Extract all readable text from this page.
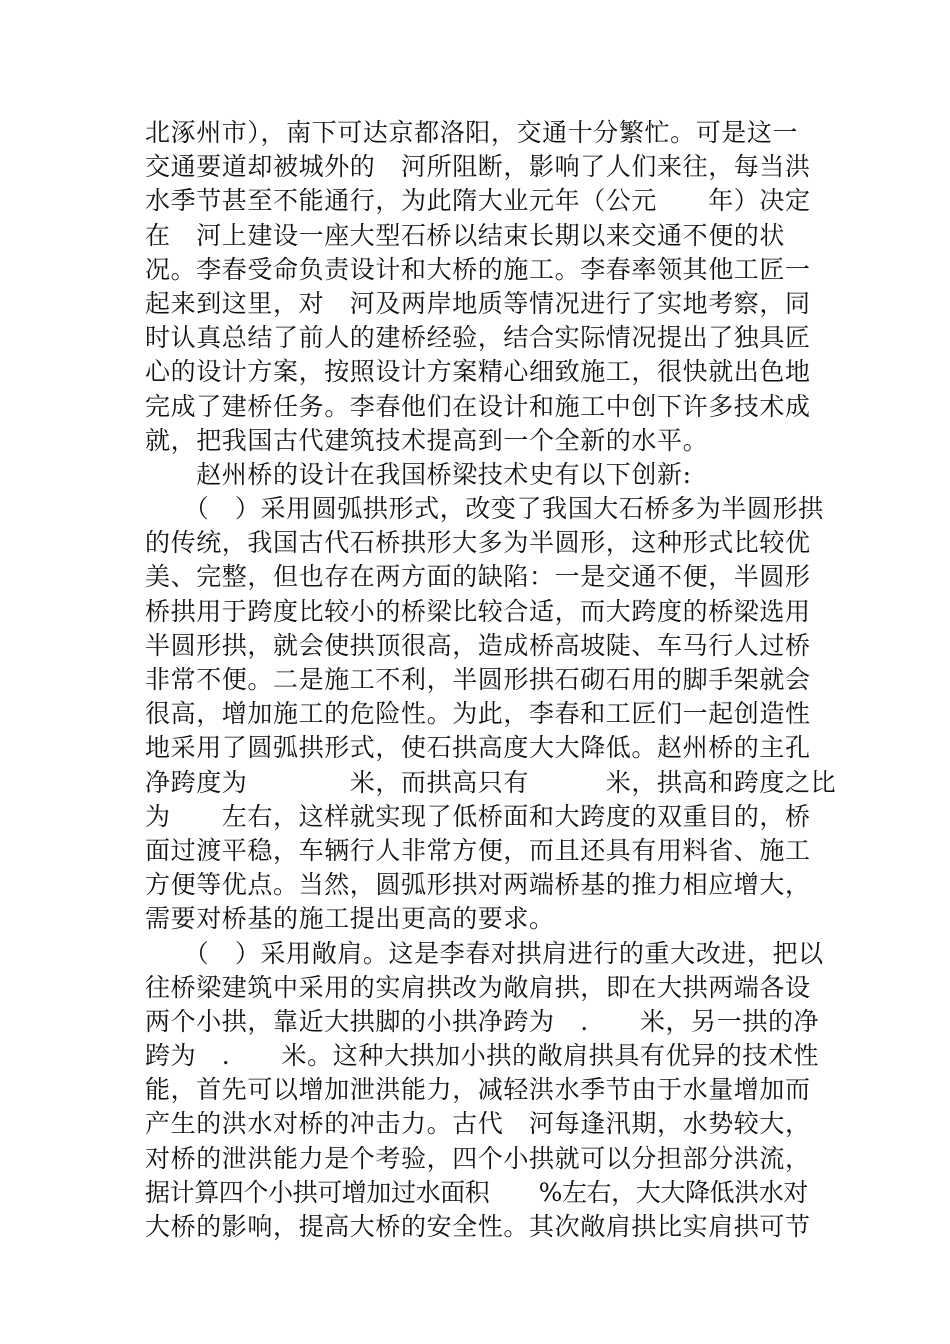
北涿州市），南下可达京都洛阳，交通十分繁忙。可是这一
交通要道却被城外的　河所阻断，影响了人们来往，每当洪
水季节甚至不能通行，为此隋大业元年（公元　　年）决定
在　河上建设一座大型石桥以结束长期以来交通不便的状
况。李春受命负责设计和大桥的施工。李春率领其他工匠一
起来到这里，对　河及两岸地质等情况进行了实地考察，同
时认真总结了前人的建桥经验，结合实际情况提出了独具匠
心的设计方案，按照设计方案精心细致施工，很快就出色地
完成了建桥任务。李春他们在设计和施工中创下许多技术成
就，把我国古代建筑技术提高到一个全新的水平。
　　赵州桥的设计在我国桥梁技术史有以下创新:
　　（　）采用圆弧拱形式，改变了我国大石桥多为半圆形拱
的传统，我国古代石桥拱形大多为半圆形，这种形式比较优
美、完整，但也存在两方面的缺陷：一是交通不便，半圆形
桥拱用于跨度比较小的桥梁比较合适，而大跨度的桥梁选用
半圆形拱，就会使拱顶很高，造成桥高坡陡、车马行人过桥
非常不便。二是施工不利，半圆形拱石砌石用的脚手架就会
很高，增加施工的危险性。为此，李春和工匠们一起创造性
地采用了圆弧拱形式，使石拱高度大大降低。赵州桥的主孔
净跨度为　　　　米，而拱高只有　　　米，拱高和跨度之比
为　　左右，这样就实现了低桥面和大跨度的双重目的，桥
面过渡平稳，车辆行人非常方便，而且还具有用料省、施工
方便等优点。当然，圆弧形拱对两端桥基的推力相应增大，
需要对桥基的施工提出更高的要求。
　　（　）采用敞肩。这是李春对拱肩进行的重大改进，把以
往桥梁建筑中采用的实肩拱改为敞肩拱，即在大拱两端各设
两个小拱，靠近大拱脚的小拱净跨为　.　　米，另一拱的净
跨为　.　　米。这种大拱加小拱的敞肩拱具有优异的技术性
能，首先可以增加泄洪能力，减轻洪水季节由于水量增加而
产生的洪水对桥的冲击力。古代　河每逢汛期，水势较大，
对桥的泄洪能力是个考验，四个小拱就可以分担部分洪流，
据计算四个小拱可增加过水面积　　%左右，大大降低洪水对
大桥的影响，提高大桥的安全性。其次敞肩拱比实肩拱可节
